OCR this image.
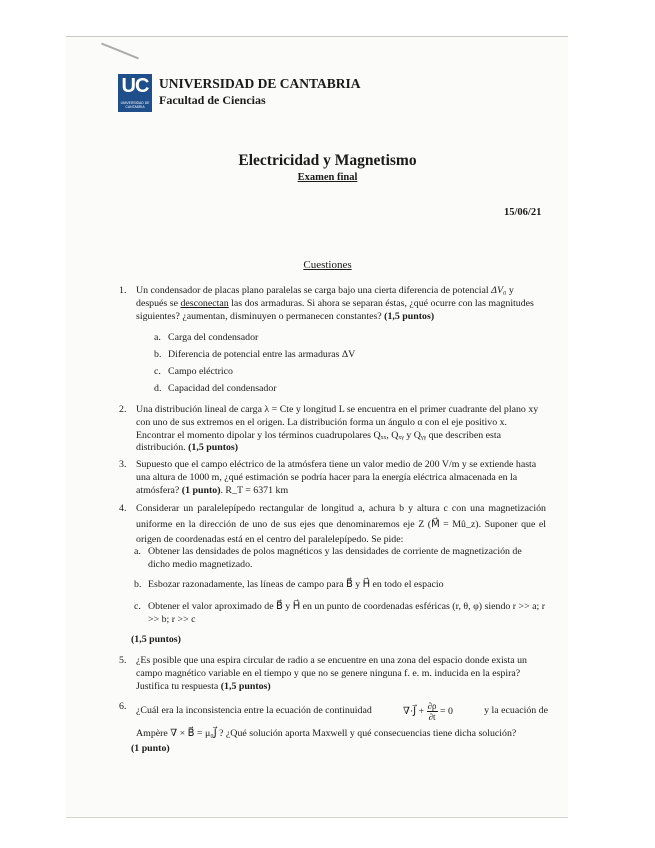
UC
UNIVERSIDAD DE CANTABRIA
UNIVERSIDAD DE CANTABRIA
Facultad de Ciencias
Electricidad y Magnetismo
Examen final
15/06/21
Cuestiones
1. Un condensador de placas plano paralelas se carga bajo una cierta diferencia de potencial ΔV₀ y después se desconectan las dos armaduras. Si ahora se separan éstas, ¿qué ocurre con las magnitudes siguientes? ¿aumentan, disminuyen o permanecen constantes? (1,5 puntos)
a. Carga del condensador
b. Diferencia de potencial entre las armaduras ΔV
c. Campo eléctrico
d. Capacidad del condensador
2. Una distribución lineal de carga λ = Cte y longitud L se encuentra en el primer cuadrante del plano xy con uno de sus extremos en el origen. La distribución forma un ángulo α con el eje positivo x. Encontrar el momento dipolar y los términos cuadrupolares Qₓₓ, Qₓᵧ y Qᵧᵧ que describen esta distribución. (1,5 puntos)
3. Supuesto que el campo eléctrico de la atmósfera tiene un valor medio de 200 V/m y se extiende hasta una altura de 1000 m, ¿qué estimación se podría hacer para la energía eléctrica almacenada en la atmósfera? (1 punto). R_T = 6371 km
4. Considerar un paralelepípedo rectangular de longitud a, achura b y altura c con una magnetización uniforme en la dirección de uno de sus ejes que denominaremos eje Z (M⃗ = Mû_z). Suponer que el origen de coordenadas está en el centro del paralelepípedo. Se pide:
a. Obtener las densidades de polos magnéticos y las densidades de corriente de magnetización de dicho medio magnetizado.
b. Esbozar razonadamente, las líneas de campo para B⃗ y H⃗ en todo el espacio
c. Obtener el valor aproximado de B⃗ y H⃗ en un punto de coordenadas esféricas (r, θ, φ) siendo r >> a; r >> b; r >> c
(1,5 puntos)
5. ¿Es posible que una espira circular de radio a se encuentre en una zona del espacio donde exista un campo magnético variable en el tiempo y que no se genere ninguna f. e. m. inducida en la espira? Justifica tu respuesta (1,5 puntos)
6. ¿Cuál era la inconsistencia entre la ecuación de continuidad	∇·J⃗ + $\frac{\partial\rho}{\partial t} = 0$	y la ecuación de
Ampère ∇ × B⃗ = μ₀J⃗ ? ¿Qué solución aporta Maxwell y qué consecuencias tiene dicha solución?
(1 punto)
